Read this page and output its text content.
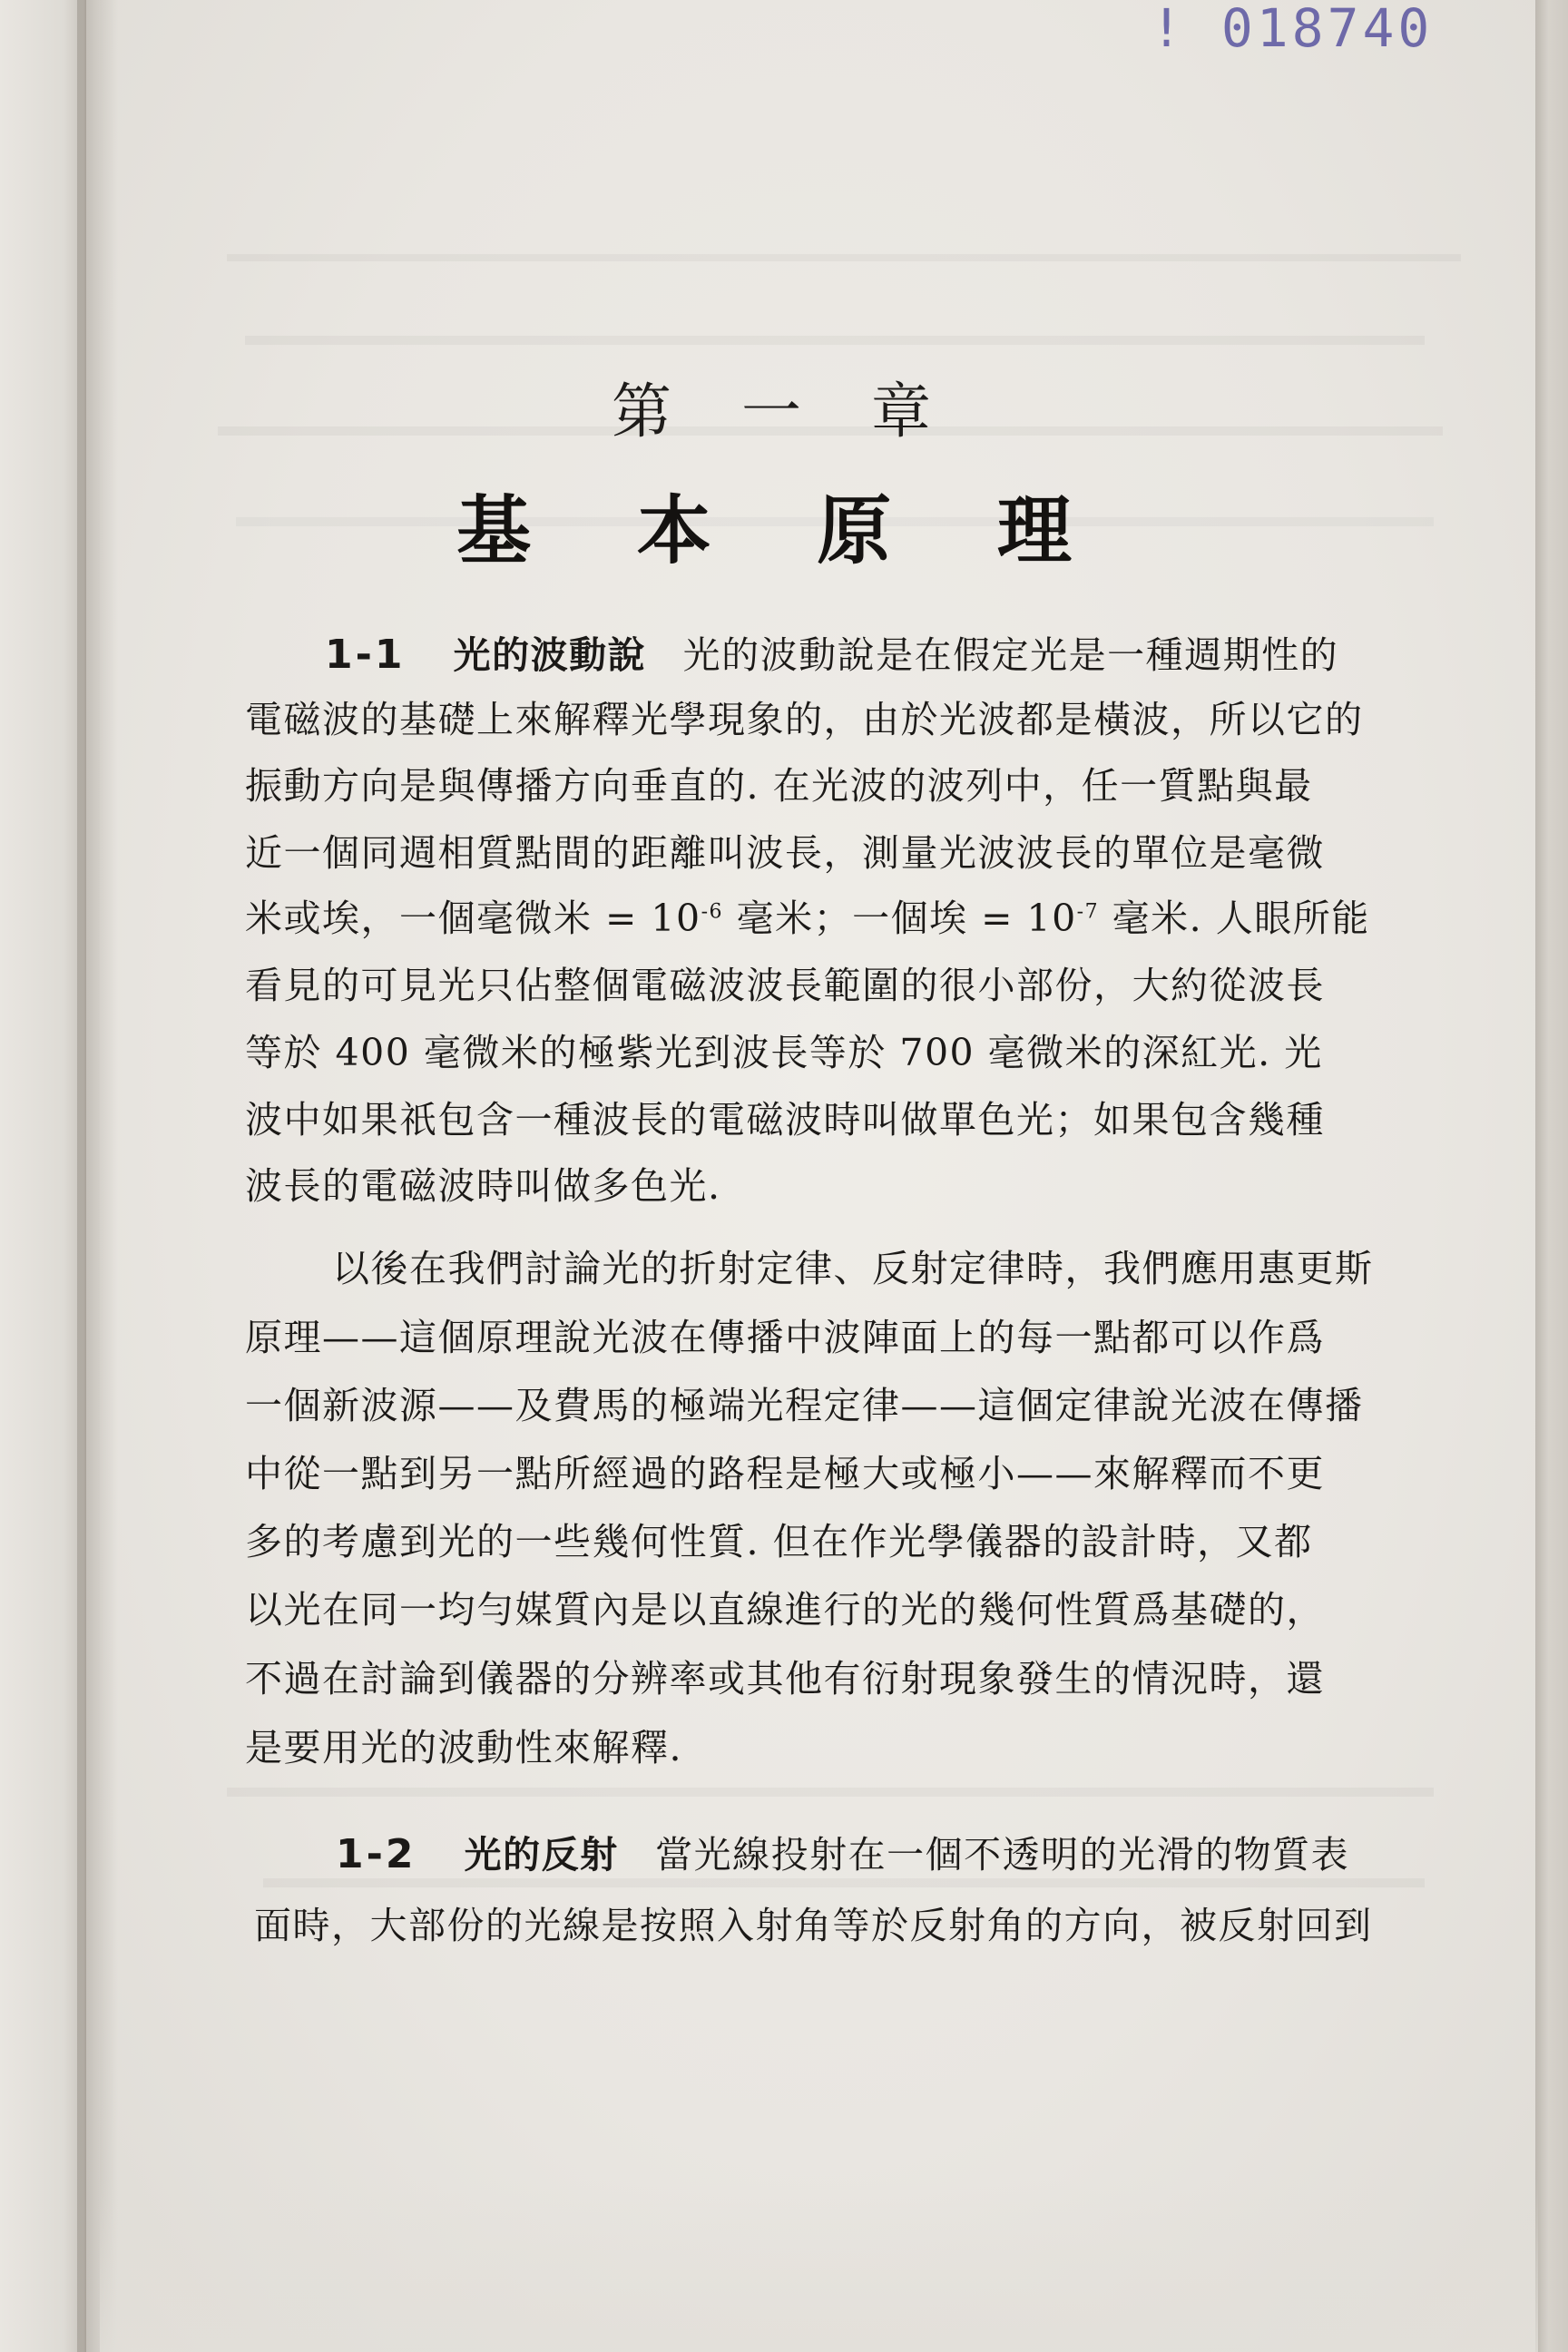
! 018740
第 一 章
基 本 原 理
1-1 光的波動說 光的波動說是在假定光是一種週期性的
電磁波的基礎上來解釋光學現象的，由於光波都是橫波，所以它的
振動方向是與傳播方向垂直的. 在光波的波列中，任一質點與最
近一個同週相質點間的距離叫波長，測量光波波長的單位是毫微
米或埃，一個毫微米 = $10^{-6}$ 毫米；一個埃 = $10^{-7}$ 毫米. 人眼所能
看見的可見光只佔整個電磁波波長範圍的很小部份，大約從波長
等於 400 毫微米的極紫光到波長等於 700 毫微米的深紅光. 光
波中如果祇包含一種波長的電磁波時叫做單色光；如果包含幾種
波長的電磁波時叫做多色光.
以後在我們討論光的折射定律、反射定律時，我們應用惠更斯
原理——這個原理說光波在傳播中波陣面上的每一點都可以作爲
一個新波源——及費馬的極端光程定律——這個定律說光波在傳播
中從一點到另一點所經過的路程是極大或極小——來解釋而不更
多的考慮到光的一些幾何性質. 但在作光學儀器的設計時，又都
以光在同一均勻媒質內是以直線進行的光的幾何性質爲基礎的，
不過在討論到儀器的分辨率或其他有衍射現象發生的情況時，還
是要用光的波動性來解釋.
1-2 光的反射 當光線投射在一個不透明的光滑的物質表
面時，大部份的光線是按照入射角等於反射角的方向，被反射回到
